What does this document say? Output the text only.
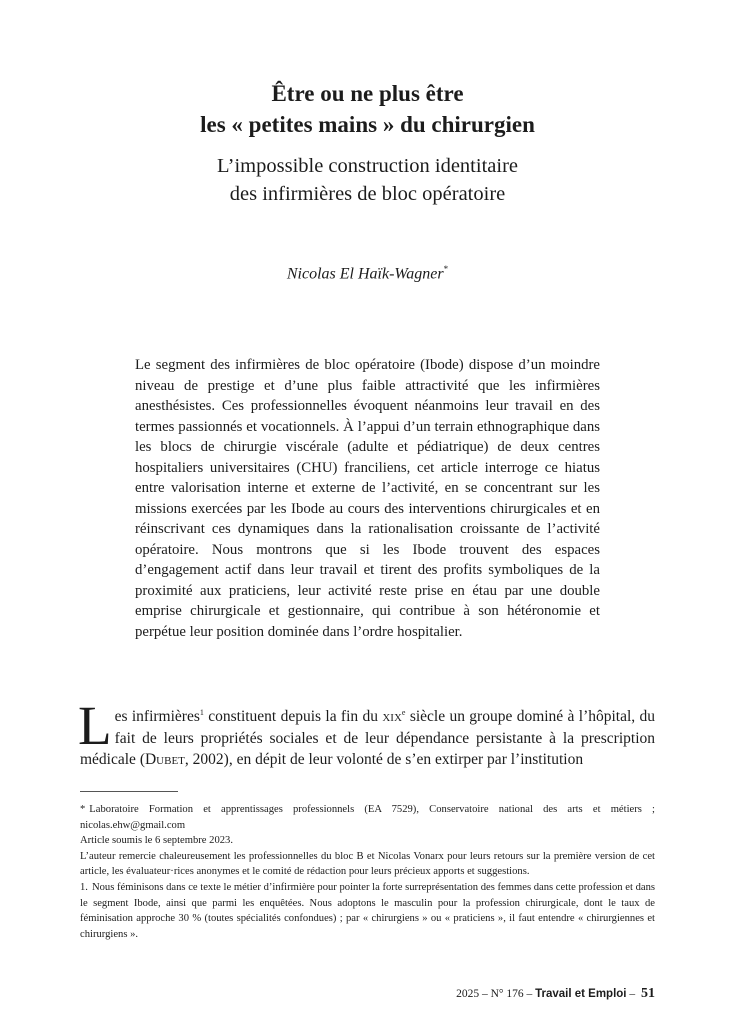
Être ou ne plus être
les « petites mains » du chirurgien
L’impossible construction identitaire
des infirmières de bloc opératoire
Nicolas El Haïk-Wagner*
Le segment des infirmières de bloc opératoire (Ibode) dispose d’un moindre niveau de prestige et d’une plus faible attractivité que les infirmières anesthésistes. Ces professionnelles évoquent néanmoins leur travail en des termes passionnés et vocationnels. À l’appui d’un terrain ethnographique dans les blocs de chirurgie viscérale (adulte et pédiatrique) de deux centres hospitaliers universitaires (CHU) franciliens, cet article interroge ce hiatus entre valorisation interne et externe de l’activité, en se concentrant sur les missions exercées par les Ibode au cours des interventions chirurgicales et en réinscrivant ces dynamiques dans la rationalisation croissante de l’activité opératoire. Nous montrons que si les Ibode trouvent des espaces d’engagement actif dans leur travail et tirent des profits symboliques de la proximité aux praticiens, leur activité reste prise en étau par une double emprise chirurgicale et gestionnaire, qui contribue à son hétéronomie et perpétue leur position dominée dans l’ordre hospitalier.
Les infirmières$^1$ constituent depuis la fin du xix$^e$ siècle un groupe dominé à l’hôpital, du fait de leurs propriétés sociales et de leur dépendance persistante à la prescription médicale (Dubet, 2002), en dépit de leur volonté de s’en extirper par l’institution

* Laboratoire Formation et apprentissages professionnels (EA 7529), Conservatoire national des arts et métiers ; nicolas.ehw@gmail.com

Article soumis le 6 septembre 2023.

L’auteur remercie chaleureusement les professionnelles du bloc B et Nicolas Vonarx pour leurs retours sur la première version de cet article, les évaluateur·rices anonymes et le comité de rédaction pour leurs précieux apports et suggestions.

1. Nous féminisons dans ce texte le métier d’infirmière pour pointer la forte surreprésentation des femmes dans cette profession et dans le segment Ibode, ainsi que parmi les enquêtées. Nous adoptons le masculin pour la profession chirurgicale, dont le taux de féminisation approche 30 % (toutes spécialités confondues) ; par « chirurgiens » ou « praticiens », il faut entendre « chirurgiennes et chirurgiens ».

2025 – N° 176 – Travail et Emploi – 51
